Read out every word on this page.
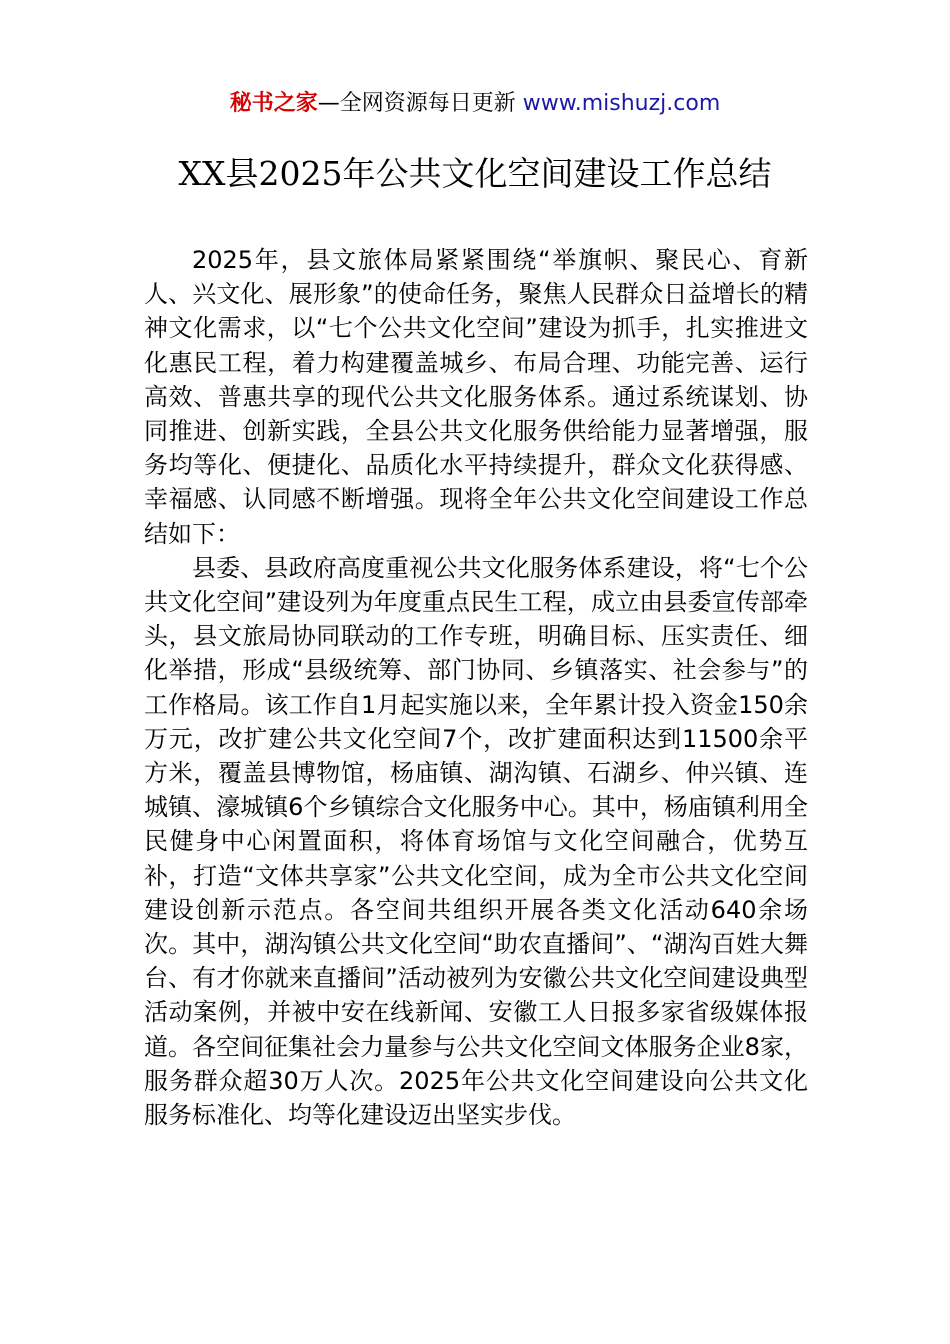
秘书之家—全网资源每日更新 www.mishuzj.com
XX县2025年公共文化空间建设工作总结

2025年，县文旅体局紧紧围绕“举旗帜、聚民心、育新人、兴文化、展形象”的使命任务，聚焦人民群众日益增长的精神文化需求，以“七个公共文化空间”建设为抓手，扎实推进文化惠民工程，着力构建覆盖城乡、布局合理、功能完善、运行高效、普惠共享的现代公共文化服务体系。通过系统谋划、协同推进、创新实践，全县公共文化服务供给能力显著增强，服务均等化、便捷化、品质化水平持续提升，群众文化获得感、幸福感、认同感不断增强。现将全年公共文化空间建设工作总结如下：

县委、县政府高度重视公共文化服务体系建设，将“七个公共文化空间”建设列为年度重点民生工程，成立由县委宣传部牵头，县文旅局协同联动的工作专班，明确目标、压实责任、细化举措，形成“县级统筹、部门协同、乡镇落实、社会参与”的工作格局。该工作自1月起实施以来，全年累计投入资金150余万元，改扩建公共文化空间7个，改扩建面积达到11500余平方米，覆盖县博物馆，杨庙镇、湖沟镇、石湖乡、仲兴镇、连城镇、濠城镇6个乡镇综合文化服务中心。其中，杨庙镇利用全民健身中心闲置面积，将体育场馆与文化空间融合，优势互补，打造“文体共享家”公共文化空间，成为全市公共文化空间建设创新示范点。各空间共组织开展各类文化活动640余场次。其中，湖沟镇公共文化空间“助农直播间”、“湖沟百姓大舞台、有才你就来直播间”活动被列为安徽公共文化空间建设典型活动案例，并被中安在线新闻、安徽工人日报多家省级媒体报道。各空间征集社会力量参与公共文化空间文体服务企业8家，服务群众超30万人次。2025年公共文化空间建设向公共文化服务标准化、均等化建设迈出坚实步伐。
